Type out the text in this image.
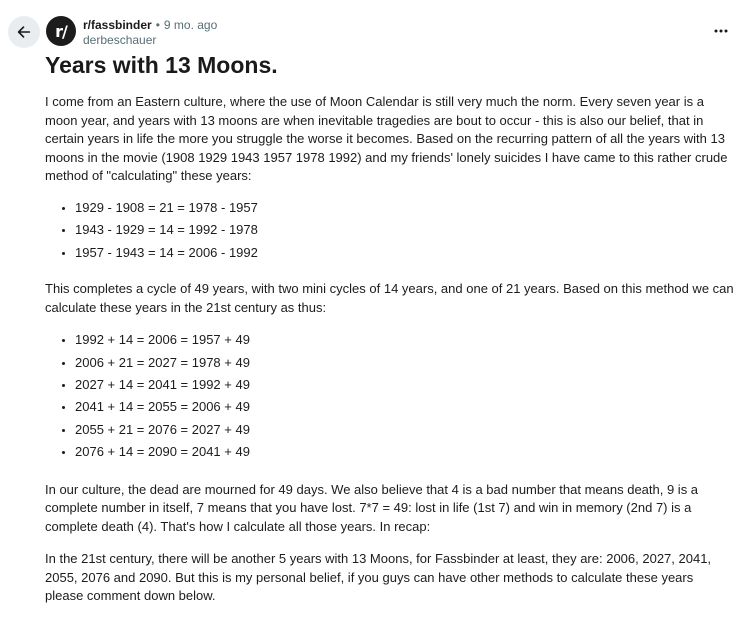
r/ r/fassbinder • 9 mo. ago
derbeschauer
Years with 13 Moons.

I come from an Eastern culture, where the use of Moon Calendar is still very much the norm. Every seven year is a moon year, and years with 13 moons are when inevitable tragedies are bout to occur - this is also our belief, that in certain years in life the more you struggle the worse it becomes. Based on the recurring pattern of all the years with 13 moons in the movie (1908 1929 1943 1957 1978 1992) and my friends' lonely suicides I have came to this rather crude method of "calculating" these years:

• 1929 - 1908 = 21 = 1978 - 1957
• 1943 - 1929 = 14 = 1992 - 1978
• 1957 - 1943 = 14 = 2006 - 1992

This completes a cycle of 49 years, with two mini cycles of 14 years, and one of 21 years. Based on this method we can calculate these years in the 21st century as thus:

• 1992 + 14 = 2006 = 1957 + 49
• 2006 + 21 = 2027 = 1978 + 49
• 2027 + 14 = 2041 = 1992 + 49
• 2041 + 14 = 2055 = 2006 + 49
• 2055 + 21 = 2076 = 2027 + 49
• 2076 + 14 = 2090 = 2041 + 49

In our culture, the dead are mourned for 49 days. We also believe that 4 is a bad number that means death, 9 is a complete number in itself, 7 means that you have lost. 7*7 = 49: lost in life (1st 7) and win in memory (2nd 7) is a complete death (4). That's how I calculate all those years. In recap:

In the 21st century, there will be another 5 years with 13 Moons, for Fassbinder at least, they are: 2006, 2027, 2041, 2055, 2076 and 2090. But this is my personal belief, if you guys can have other methods to calculate these years please comment down below.
